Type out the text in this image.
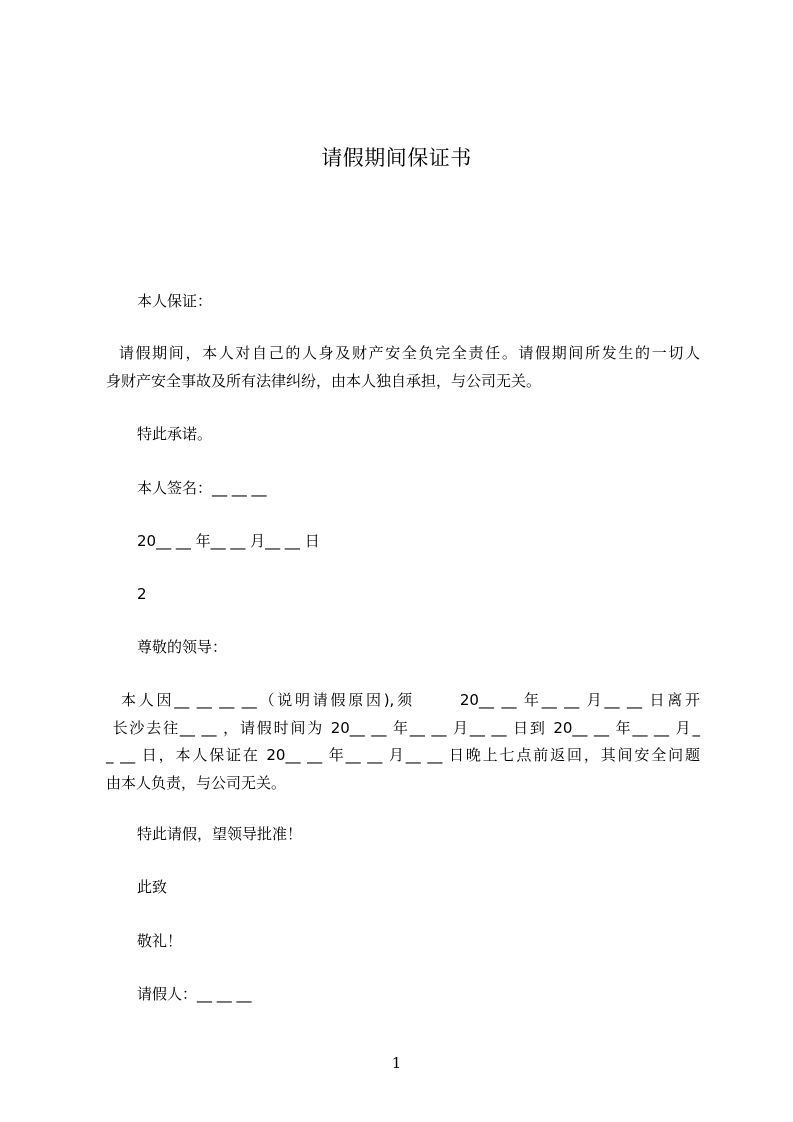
请假期间保证书
本人保证：
请假期间，本人对自己的人身及财产安全负完全责任。请假期间所发生的一切人
身财产安全事故及所有法律纠纷，由本人独自承担，与公司无关。
特此承诺。
本人签名：__ __ __
20__ __ 年__ __ 月__ __ 日
2
尊敬的领导：
本人因__ __ __ __（说明请假原因),须      20__ __ 年__ __ 月__ __ 日离开
长沙去往__ __ ，请假时间为 20__ __ 年__ __ 月__ __ 日到 20__ __ 年__ __ 月_
_ __ 日，本人保证在 20__ __ 年__ __ 月__ __ 日晚上七点前返回，其间安全问题
由本人负责，与公司无关。
特此请假，望领导批准！
此致
敬礼！
请假人：__ __ __
1
